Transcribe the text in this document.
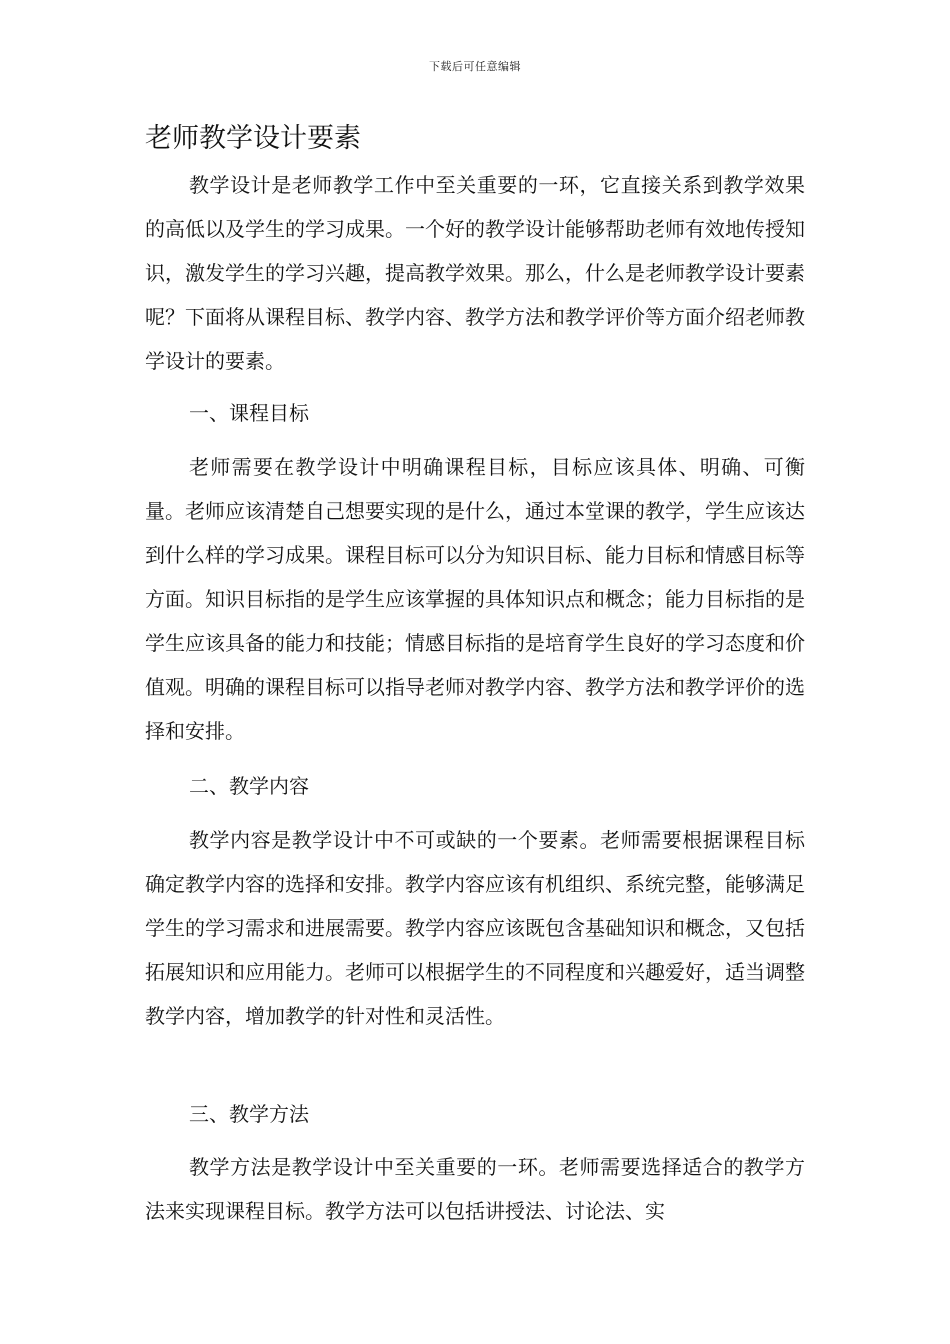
下载后可任意编辑
老师教学设计要素

教学设计是老师教学工作中至关重要的一环，它直接关系到教学效果的高低以及学生的学习成果。一个好的教学设计能够帮助老师有效地传授知识，激发学生的学习兴趣，提高教学效果。那么，什么是老师教学设计要素呢？下面将从课程目标、教学内容、教学方法和教学评价等方面介绍老师教学设计的要素。

一、课程目标

老师需要在教学设计中明确课程目标，目标应该具体、明确、可衡量。老师应该清楚自己想要实现的是什么，通过本堂课的教学，学生应该达到什么样的学习成果。课程目标可以分为知识目标、能力目标和情感目标等方面。知识目标指的是学生应该掌握的具体知识点和概念；能力目标指的是学生应该具备的能力和技能；情感目标指的是培育学生良好的学习态度和价值观。明确的课程目标可以指导老师对教学内容、教学方法和教学评价的选择和安排。

二、教学内容

教学内容是教学设计中不可或缺的一个要素。老师需要根据课程目标确定教学内容的选择和安排。教学内容应该有机组织、系统完整，能够满足学生的学习需求和进展需要。教学内容应该既包含基础知识和概念，又包括拓展知识和应用能力。老师可以根据学生的不同程度和兴趣爱好，适当调整教学内容，增加教学的针对性和灵活性。

三、教学方法

教学方法是教学设计中至关重要的一环。老师需要选择适合的教学方法来实现课程目标。教学方法可以包括讲授法、讨论法、实
